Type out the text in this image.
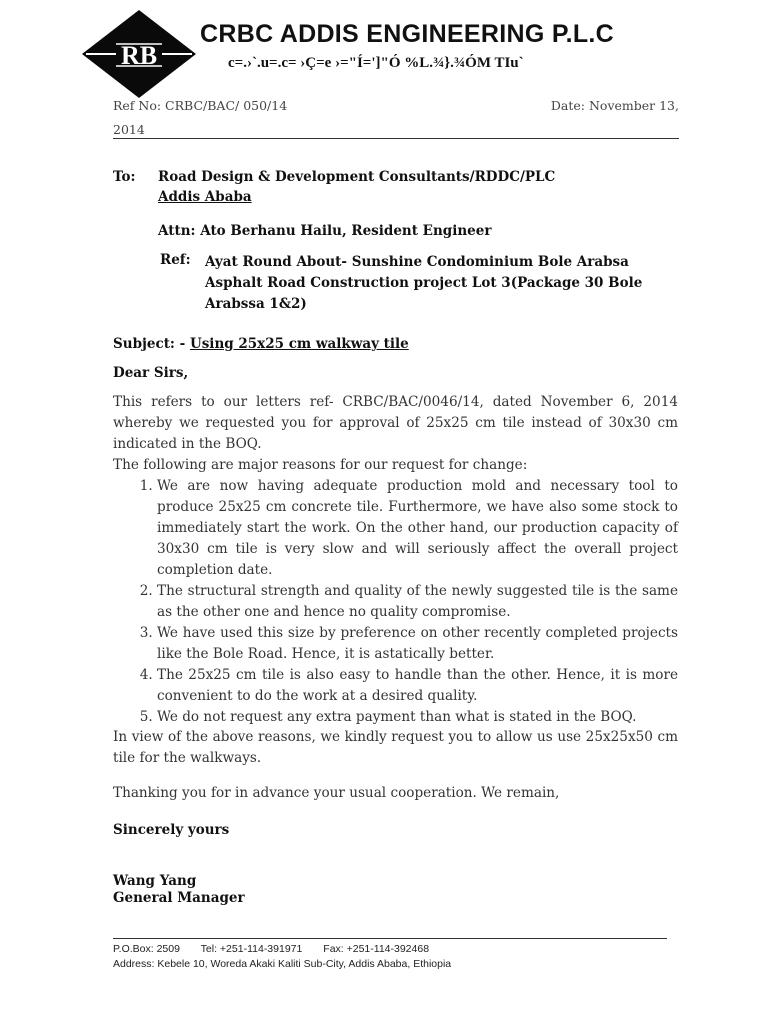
RB
CRBC ADDIS ENGINEERING P.L.C
c=.›`.u=.c= ›Ç=e ›="Í=']"Ó %L.¾}.¾ÓM TIu`
Ref No: CRBC/BAC/ 050/14	Date: November 13,
2014
To: Road Design & Development Consultants/RDDC/PLC
Addis Ababa
Attn: Ato Berhanu Hailu, Resident Engineer
Ref: Ayat Round About- Sunshine Condominium Bole Arabsa Asphalt Road Construction project Lot 3(Package 30 Bole Arabssa 1&2)
Subject: - Using 25x25 cm walkway tile
Dear Sirs,
This refers to our letters ref- CRBC/BAC/0046/14, dated November 6, 2014 whereby we requested you for approval of 25x25 cm tile instead of 30x30 cm indicated in the BOQ.
The following are major reasons for our request for change:
1. We are now having adequate production mold and necessary tool to produce 25x25 cm concrete tile. Furthermore, we have also some stock to immediately start the work. On the other hand, our production capacity of 30x30 cm tile is very slow and will seriously affect the overall project completion date.
2. The structural strength and quality of the newly suggested tile is the same as the other one and hence no quality compromise.
3. We have used this size by preference on other recently completed projects like the Bole Road. Hence, it is astatically better.
4. The 25x25 cm tile is also easy to handle than the other. Hence, it is more convenient to do the work at a desired quality.
5. We do not request any extra payment than what is stated in the BOQ.
In view of the above reasons, we kindly request you to allow us use 25x25x50 cm tile for the walkways.
Thanking you for in advance your usual cooperation. We remain,
Sincerely yours
Wang Yang
General Manager
P.O.Box: 2509 Tel: +251-114-391971 Fax: +251-114-392468
Address: Kebele 10, Woreda Akaki Kaliti Sub-City, Addis Ababa, Ethiopia
